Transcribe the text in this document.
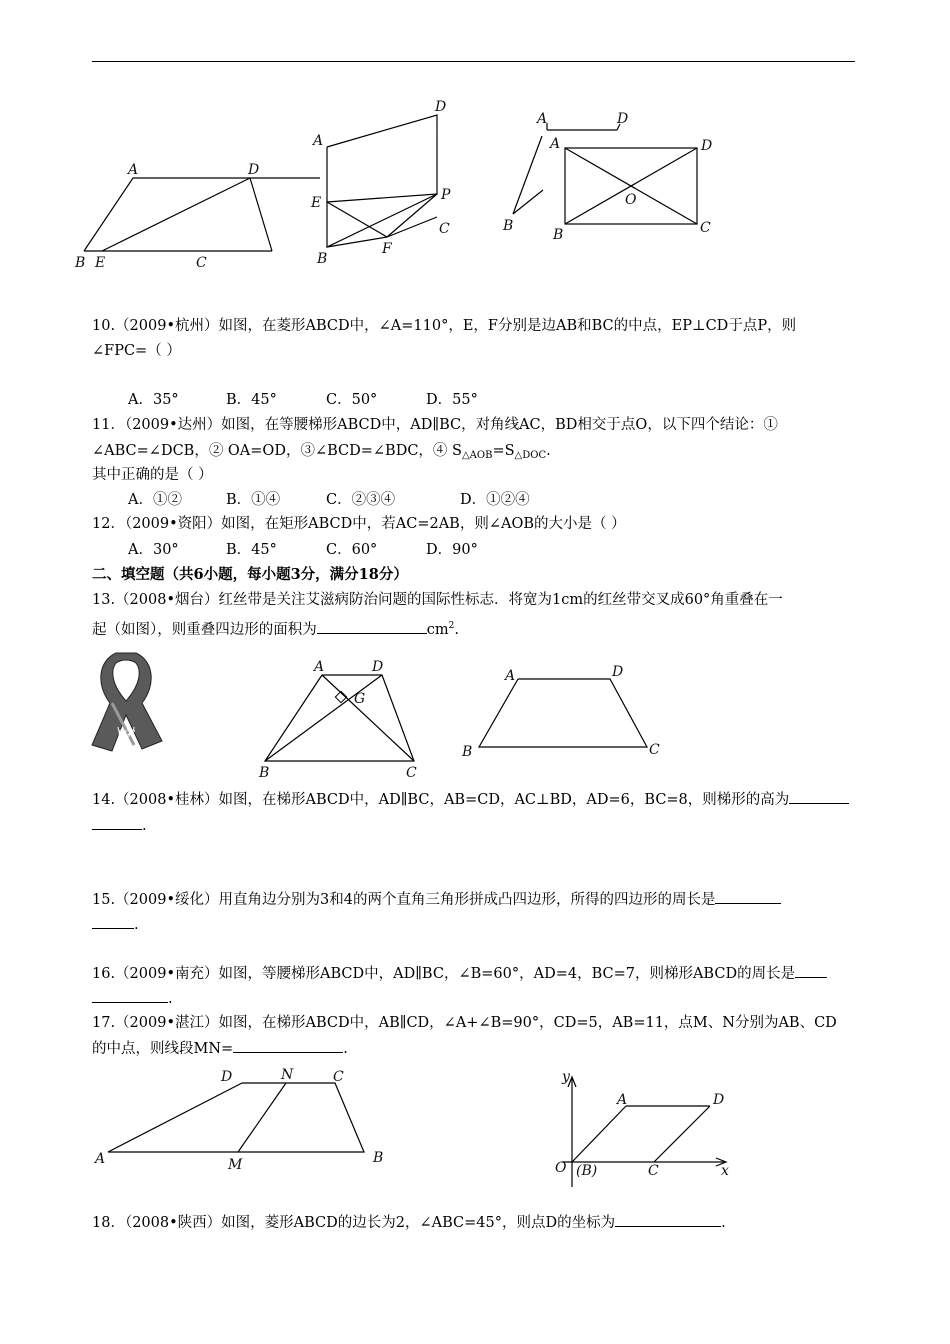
A	D
B E	C
D
A
E	P
C
F
B
A	D
A	D
O
B
B	C
10.（2009•杭州）如图，在菱形ABCD中，∠A=110°，E，F分别是边AB和BC的中点，EP⊥CD于点P，则
∠FPC=（ ）
A．35°	B．45°	C．50°	D．55°
11．（2009•达州）如图，在等腰梯形ABCD中，AD∥BC，对角线AC，BD相交于点O，以下四个结论：①
∠ABC=∠DCB，② OA=OD，③∠BCD=∠BDC，④ $S_{\triangle AOB}=S_{\triangle DOC}$.
其中正确的是（ ）
A．①②	B．①④	C．②③④	D．①②④
12．（2009•资阳）如图，在矩形ABCD中，若AC=2AB，则∠AOB的大小是（ ）
A．30°	B．45°	C．60°	D．90°
二、填空题（共6小题，每小题3分，满分18分）
13.（2008•烟台）红丝带是关注艾滋病防治问题的国际性标志．将宽为1cm的红丝带交叉成60°角重叠在一
起（如图），则重叠四边形的面积为	$cm^2$.
60°
A	D
G
B	C
A	D
B	C
14.（2008•桂林）如图，在梯形ABCD中，AD∥BC，AB=CD，AC⊥BD，AD=6，BC=8，则梯形的高为
.
15.（2009•绥化）用直角边分别为3和4的两个直角三角形拼成凸四边形，所得的四边形的周长是
.
16.（2009•南充）如图，等腰梯形ABCD中，AD∥BC，∠B=60°，AD=4，BC=7，则梯形ABCD的周长是
.
17.（2009•湛江）如图，在梯形ABCD中，AB∥CD，∠A+∠B=90°，CD=5，AB=11，点M、N分别为AB、CD
的中点，则线段MN=	.
D	N	C
A	M	B
y
A	D
O (B)	C	x
18．（2008•陕西）如图，菱形ABCD的边长为2，∠ABC=45°，则点D的坐标为	.
